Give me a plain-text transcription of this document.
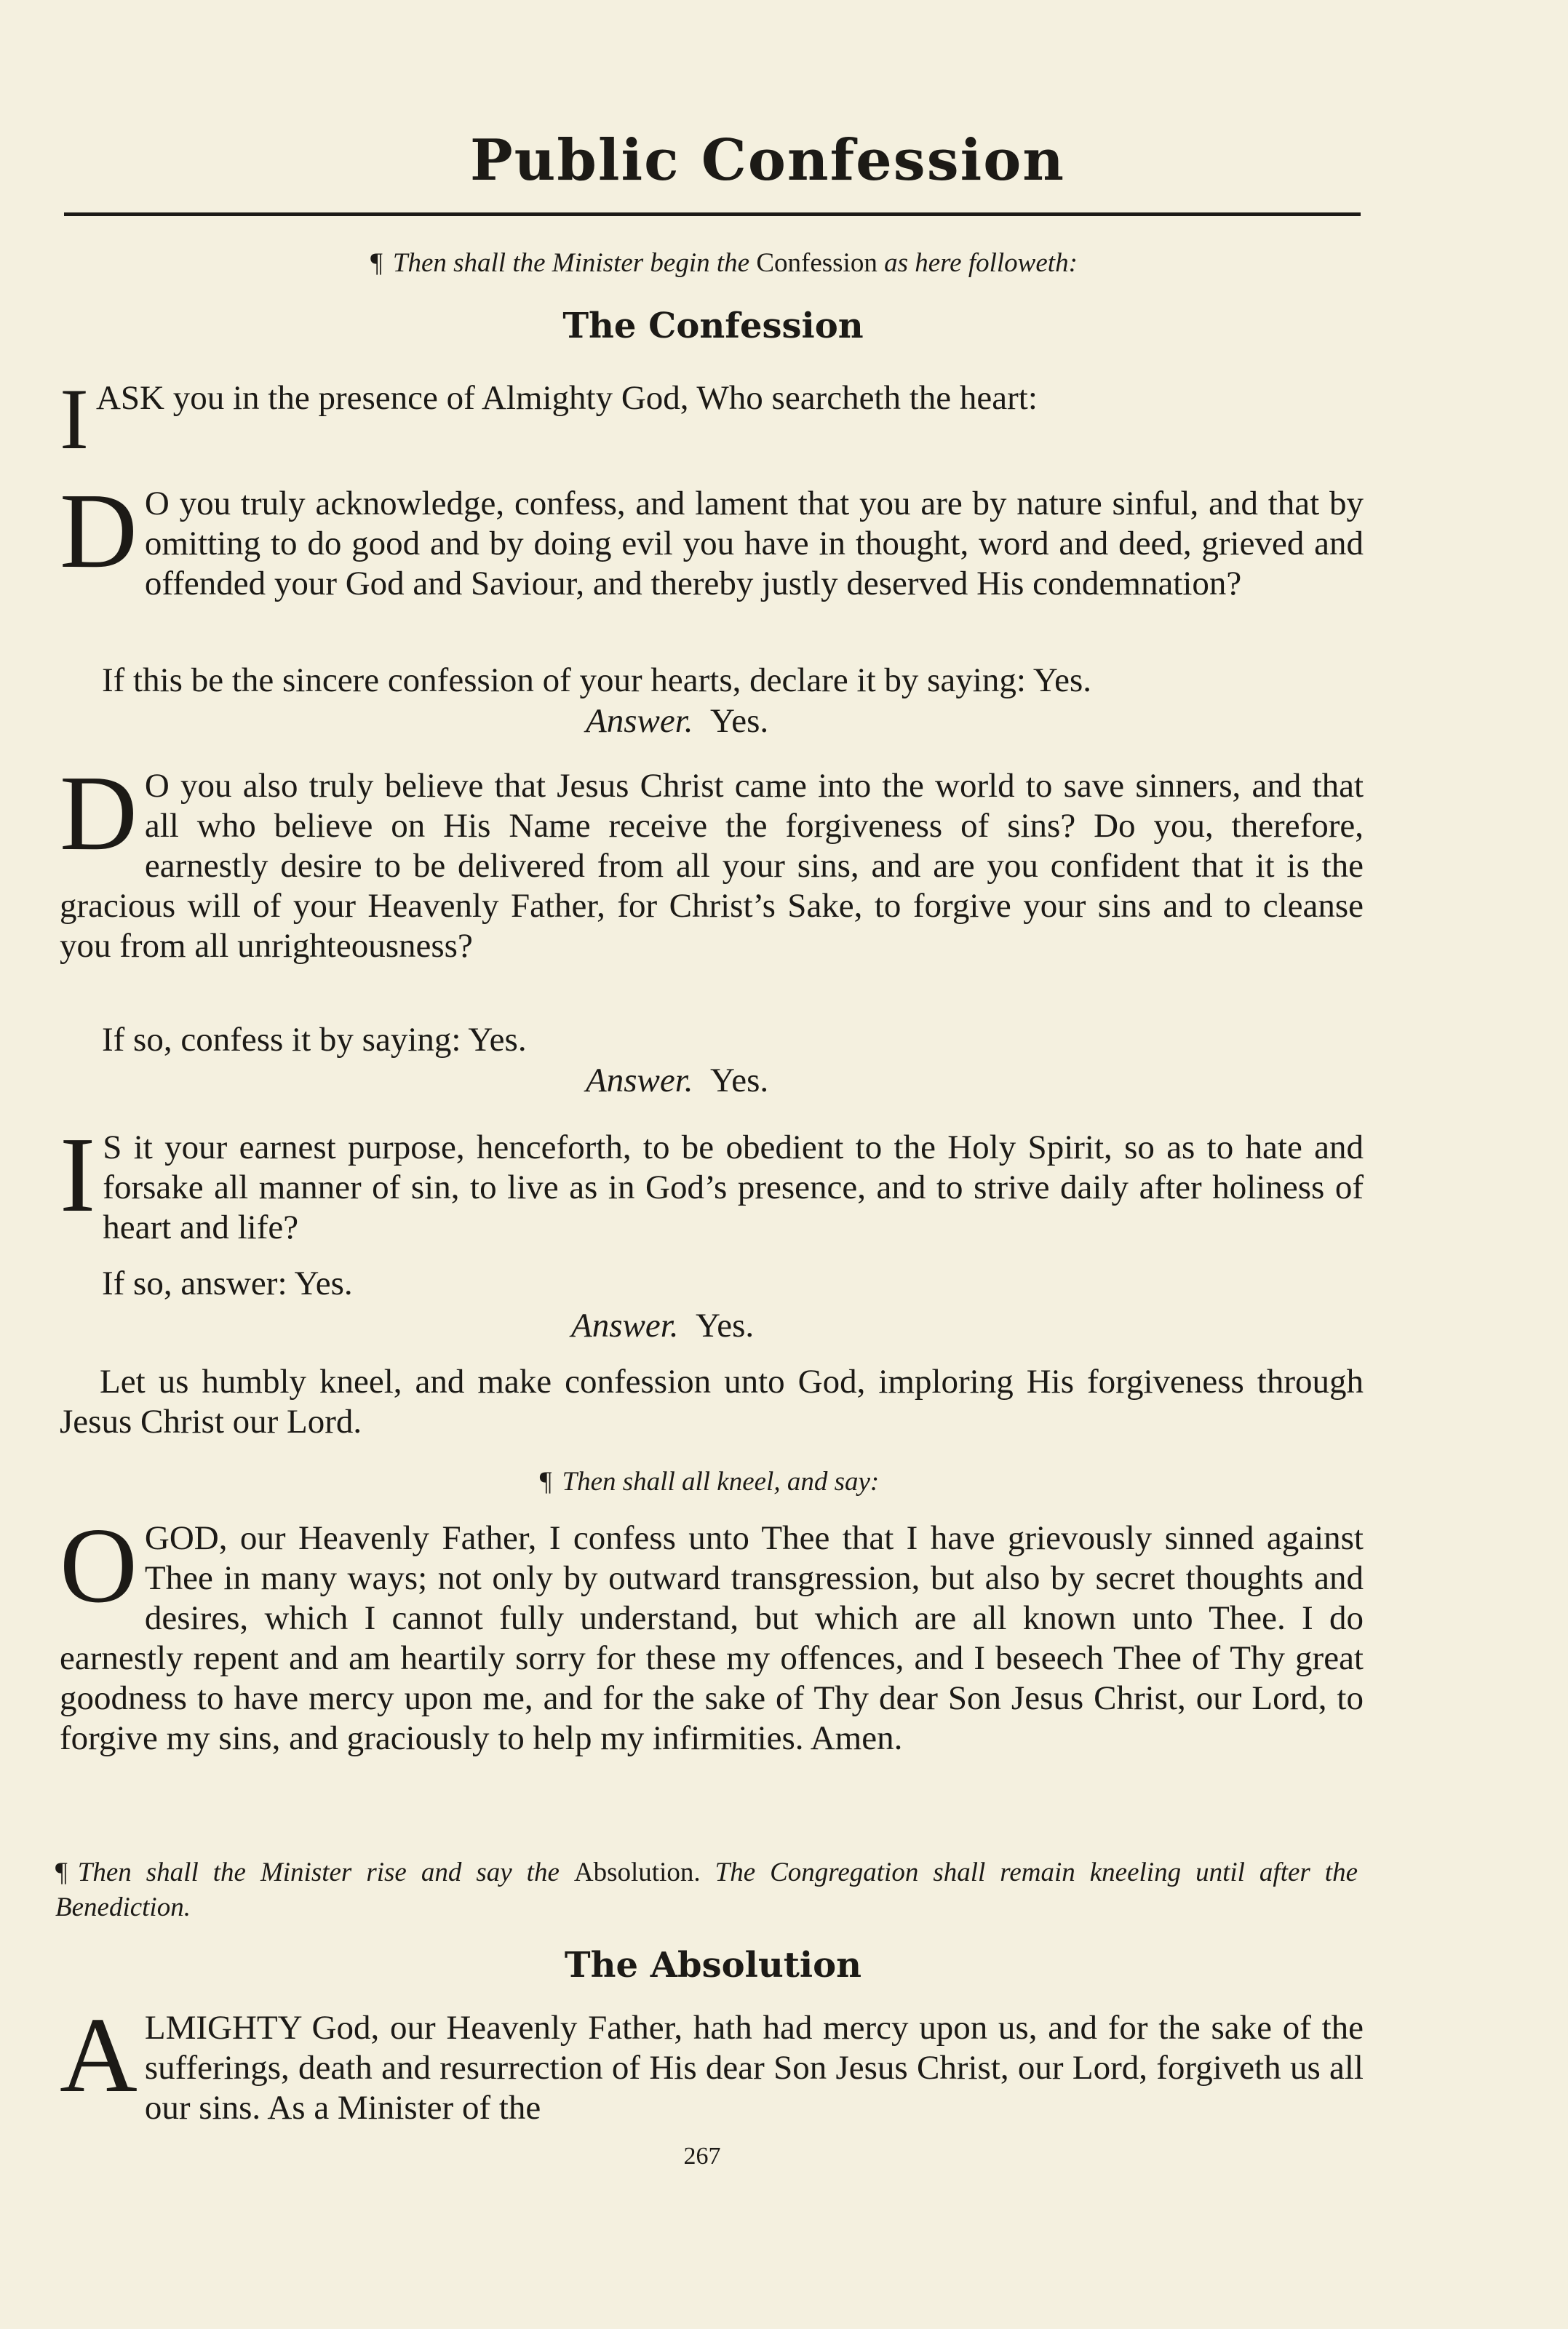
Public Confession
¶ Then shall the Minister begin the Confession as here followeth:
The Confession
IASK you in the presence of Almighty God, Who searcheth the heart:
D O you truly acknowledge, confess, and lament that you are by nature sinful, and that by omitting to do good and by doing evil you have in thought, word and deed, grieved and offended your God and Saviour, and thereby justly deserved His condemnation?
If this be the sincere confession of your hearts, declare it by saying: Yes.
Answer. Yes.
D O you also truly believe that Jesus Christ came into the world to save sinners, and that all who believe on His Name receive the forgiveness of sins? Do you, therefore, earnestly desire to be delivered from all your sins, and are you confident that it is the gracious will of your Heavenly Father, for Christ’s Sake, to forgive your sins and to cleanse you from all unrighteousness?
If so, confess it by saying: Yes.
Answer. Yes.
I S it your earnest purpose, henceforth, to be obedient to the Holy Spirit, so as to hate and forsake all manner of sin, to live as in God’s presence, and to strive daily after holiness of heart and life?
If so, answer: Yes.
Answer. Yes.
Let us humbly kneel, and make confession unto God, imploring His forgiveness through Jesus Christ our Lord.
¶ Then shall all kneel, and say:
OGOD, our Heavenly Father, I confess unto Thee that I have grievously sinned against Thee in many ways; not only by outward transgression, but also by secret thoughts and desires, which I cannot fully understand, but which are all known unto Thee. I do earnestly repent and am heartily sorry for these my offences, and I beseech Thee of Thy great goodness to have mercy upon me, and for the sake of Thy dear Son Jesus Christ, our Lord, to forgive my sins, and graciously to help my infirmities. Amen.
¶ Then shall the Minister rise and say the Absolution. The Congregation shall remain kneeling until after the Benediction.
The Absolution
ALMIGHTY God, our Heavenly Father, hath had mercy upon us, and for the sake of the sufferings, death and resurrection of His dear Son Jesus Christ, our Lord, forgiveth us all our sins. As a Minister of the
267
